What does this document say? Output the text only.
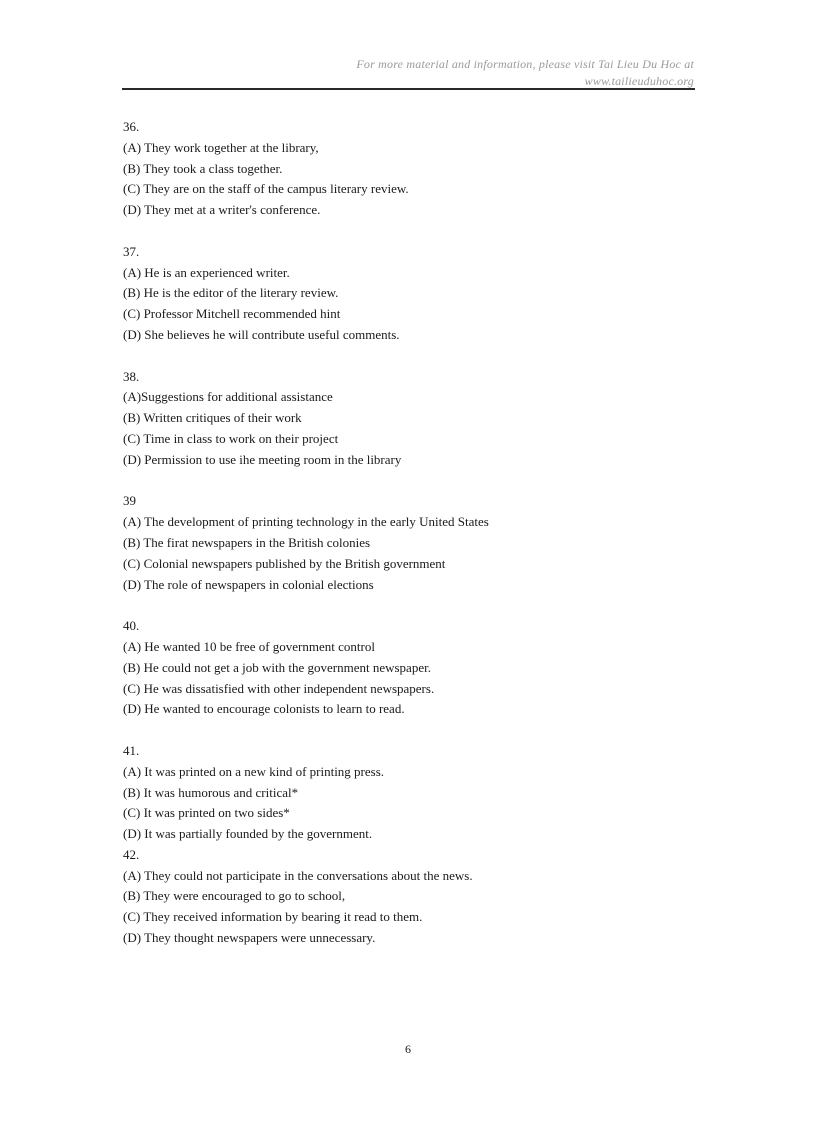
For more material and information, please visit Tai Lieu Du Hoc at
www.tailieuduhoc.org
36.
(A) They work together at the library,
(B) They took a class together.
(C) They are on the staff of the campus literary review.
(D) They met at a writer's conference.
37.
(A) He is an experienced writer.
(B) He is the editor of the literary review.
(C) Professor Mitchell recommended hint
(D) She believes he will contribute useful comments.
38.
(A)Suggestions for additional assistance
(B) Written critiques of their work
(C) Time in class to work on their project
(D) Permission to use ihe meeting room in the library
39
(A) The development of printing technology in the early United States
(B) The firat newspapers in the British colonies
(C) Colonial newspapers published by the British government
(D) The role of newspapers in colonial elections
40.
(A) He wanted 10 be free of government control
(B) He could not get a job with the government newspaper.
(C) He was dissatisfied with other independent newspapers.
(D) He wanted to encourage colonists to learn to read.
41.
(A) It was printed on a new kind of printing press.
(B) It was humorous and critical*
(C) It was printed on two sides*
(D) It was partially founded by the government.
42.
(A) They could not participate in the conversations about the news.
(B) They were encouraged to go to school,
(C) They received information by bearing it read to them.
(D) They thought newspapers were unnecessary.
6
